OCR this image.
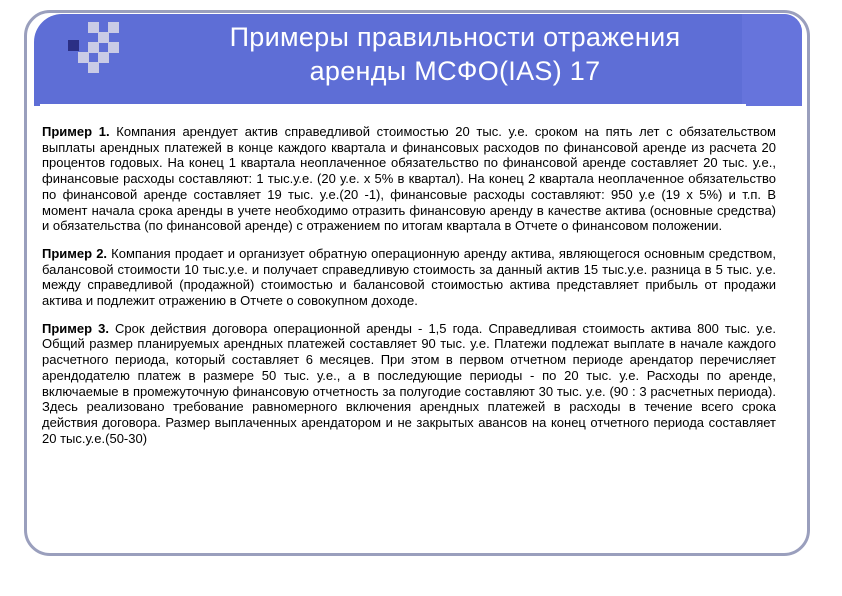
Примеры правильности отражения
аренды МСФО(IAS) 17

Пример 1. Компания арендует актив справедливой стоимостью 20 тыс. у.е. сроком на пять лет с обязательством выплаты арендных платежей в конце каждого квартала и финансовых расходов по финансовой аренде из расчета 20 процентов годовых. На конец 1 квартала неоплаченное обязательство по финансовой аренде составляет 20 тыс. у.е., финансовые расходы составляют: 1 тыс.у.е. (20 у.е. х 5% в квартал). На конец 2 квартала неоплаченное обязательство по финансовой аренде составляет 19 тыс. у.е.(20 -1), финансовые расходы составляют: 950 у.е (19 х 5%) и т.п. В момент начала срока аренды в учете необходимо отразить финансовую аренду в качестве актива (основные средства) и обязательства (по финансовой аренде) с отражением по итогам квартала в Отчете о финансовом положении.

Пример 2. Компания продает и организует обратную операционную аренду актива, являющегося основным средством, балансовой стоимости 10 тыс.у.е. и получает справедливую стоимость за данный актив 15 тыс.у.е. разница в 5 тыс. у.е. между справедливой (продажной) стоимостью и балансовой стоимостью актива представляет прибыль от продажи актива и подлежит отражению в Отчете о совокупном доходе.

Пример 3. Срок действия договора операционной аренды - 1,5 года. Справедливая стоимость актива 800 тыс. у.е. Общий размер планируемых арендных платежей составляет 90 тыс. у.е. Платежи подлежат выплате в начале каждого расчетного периода, который составляет 6 месяцев. При этом в первом отчетном периоде арендатор перечисляет арендодателю платеж в размере 50 тыс. у.е., а в последующие периоды - по 20 тыс. у.е. Расходы по аренде, включаемые в промежуточную финансовую отчетность за полугодие составляют 30 тыс. у.е. (90 : 3 расчетных периода). Здесь реализовано требование равномерного включения арендных платежей в расходы в течение всего срока действия договора. Размер выплаченных арендатором и не закрытых авансов на конец отчетного периода составляет 20 тыс.у.е.(50-30)
